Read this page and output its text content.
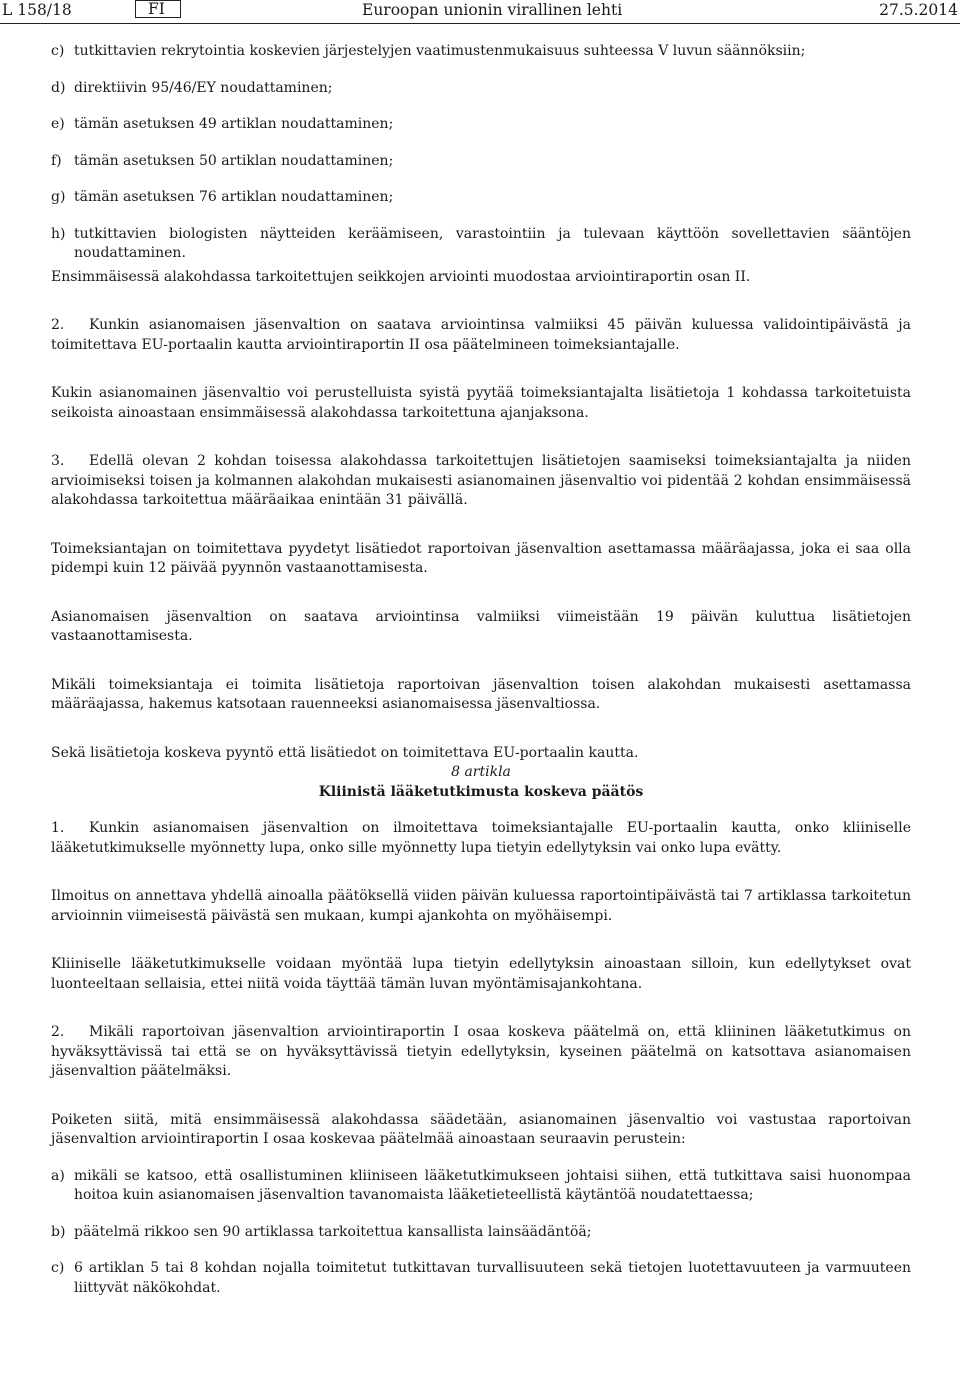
L 158/18	FI	Euroopan unionin virallinen lehti	27.5.2014
c) tutkittavien rekrytointia koskevien järjestelyjen vaatimustenmukaisuus suhteessa V luvun säännöksiin;

d) direktiivin 95/46/EY noudattaminen;

e) tämän asetuksen 49 artiklan noudattaminen;

f) tämän asetuksen 50 artiklan noudattaminen;

g) tämän asetuksen 76 artiklan noudattaminen;

h) tutkittavien biologisten näytteiden keräämiseen, varastointiin ja tulevaan käyttöön sovellettavien sääntöjen noudattaminen.

Ensimmäisessä alakohdassa tarkoitettujen seikkojen arviointi muodostaa arviointiraportin osan II.

2. Kunkin asianomaisen jäsenvaltion on saatava arviointinsa valmiiksi 45 päivän kuluessa validointipäivästä ja toimitettava EU-portaalin kautta arviointiraportin II osa päätelmineen toimeksiantajalle.

Kukin asianomainen jäsenvaltio voi perustelluista syistä pyytää toimeksiantajalta lisätietoja 1 kohdassa tarkoitetuista seikoista ainoastaan ensimmäisessä alakohdassa tarkoitettuna ajanjaksona.

3. Edellä olevan 2 kohdan toisessa alakohdassa tarkoitettujen lisätietojen saamiseksi toimeksiantajalta ja niiden arvioimiseksi toisen ja kolmannen alakohdan mukaisesti asianomainen jäsenvaltio voi pidentää 2 kohdan ensimmäisessä alakohdassa tarkoitettua määräaikaa enintään 31 päivällä.

Toimeksiantajan on toimitettava pyydetyt lisätiedot raportoivan jäsenvaltion asettamassa määräajassa, joka ei saa olla pidempi kuin 12 päivää pyynnön vastaanottamisesta.

Asianomaisen jäsenvaltion on saatava arviointinsa valmiiksi viimeistään 19 päivän kuluttua lisätietojen vastaanottamisesta.

Mikäli toimeksiantaja ei toimita lisätietoja raportoivan jäsenvaltion toisen alakohdan mukaisesti asettamassa määräajassa, hakemus katsotaan rauenneeksi asianomaisessa jäsenvaltiossa.

Sekä lisätietoja koskeva pyyntö että lisätiedot on toimitettava EU-portaalin kautta.

8 artikla

Kliinistä lääketutkimusta koskeva päätös

1. Kunkin asianomaisen jäsenvaltion on ilmoitettava toimeksiantajalle EU-portaalin kautta, onko kliiniselle lääketutkimukselle myönnetty lupa, onko sille myönnetty lupa tietyin edellytyksin vai onko lupa evätty.

Ilmoitus on annettava yhdellä ainoalla päätöksellä viiden päivän kuluessa raportointipäivästä tai 7 artiklassa tarkoitetun arvioinnin viimeisestä päivästä sen mukaan, kumpi ajankohta on myöhäisempi.

Kliiniselle lääketutkimukselle voidaan myöntää lupa tietyin edellytyksin ainoastaan silloin, kun edellytykset ovat luonteeltaan sellaisia, ettei niitä voida täyttää tämän luvan myöntämisajankohtana.

2. Mikäli raportoivan jäsenvaltion arviointiraportin I osaa koskeva päätelmä on, että kliininen lääketutkimus on hyväksyttävissä tai että se on hyväksyttävissä tietyin edellytyksin, kyseinen päätelmä on katsottava asianomaisen jäsenvaltion päätelmäksi.

Poiketen siitä, mitä ensimmäisessä alakohdassa säädetään, asianomainen jäsenvaltio voi vastustaa raportoivan jäsenvaltion arviointiraportin I osaa koskevaa päätelmää ainoastaan seuraavin perustein:

a) mikäli se katsoo, että osallistuminen kliiniseen lääketutkimukseen johtaisi siihen, että tutkittava saisi huonompaa hoitoa kuin asianomaisen jäsenvaltion tavanomaista lääketieteellistä käytäntöä noudatettaessa;

b) päätelmä rikkoo sen 90 artiklassa tarkoitettua kansallista lainsäädäntöä;

c) 6 artiklan 5 tai 8 kohdan nojalla toimitetut tutkittavan turvallisuuteen sekä tietojen luotettavuuteen ja varmuuteen liittyvät näkökohdat.
